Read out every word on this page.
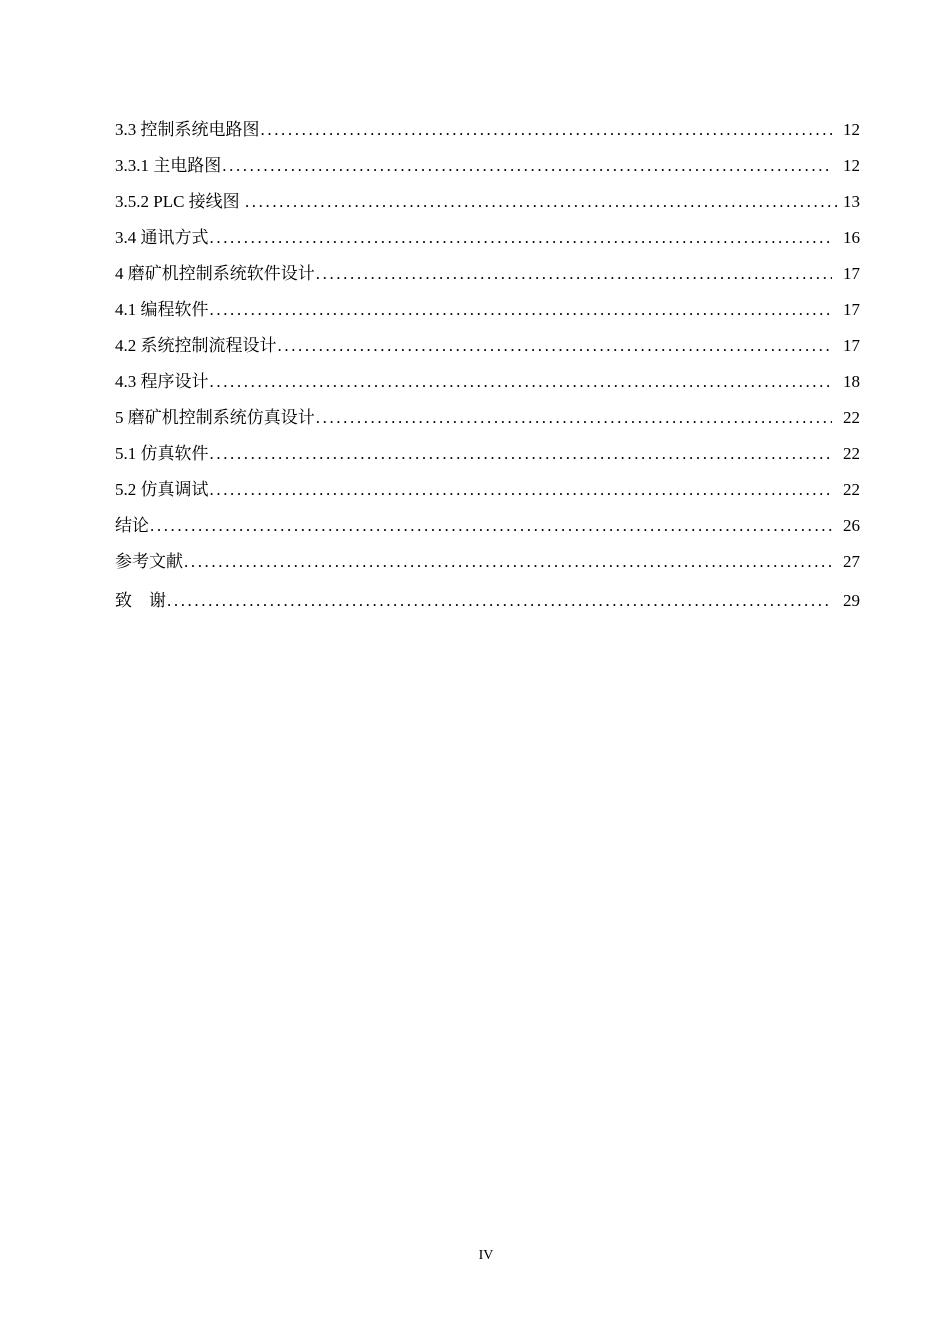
3.3 控制系统电路图 .....	12
3.3.1 主电路图 .....	12
3.5.2 PLC 接线图 .....	13
3.4 通讯方式 .....	16
4 磨矿机控制系统软件设计 .....	17
4.1 编程软件 .....	17
4.2 系统控制流程设计 .....	17
4.3 程序设计 .....	18
5 磨矿机控制系统仿真设计 .....	22
5.1 仿真软件 .....	22
5.2 仿真调试 .....	22
结论 .....	26
参考文献 .....	27
致    谢 .....	29
IV
